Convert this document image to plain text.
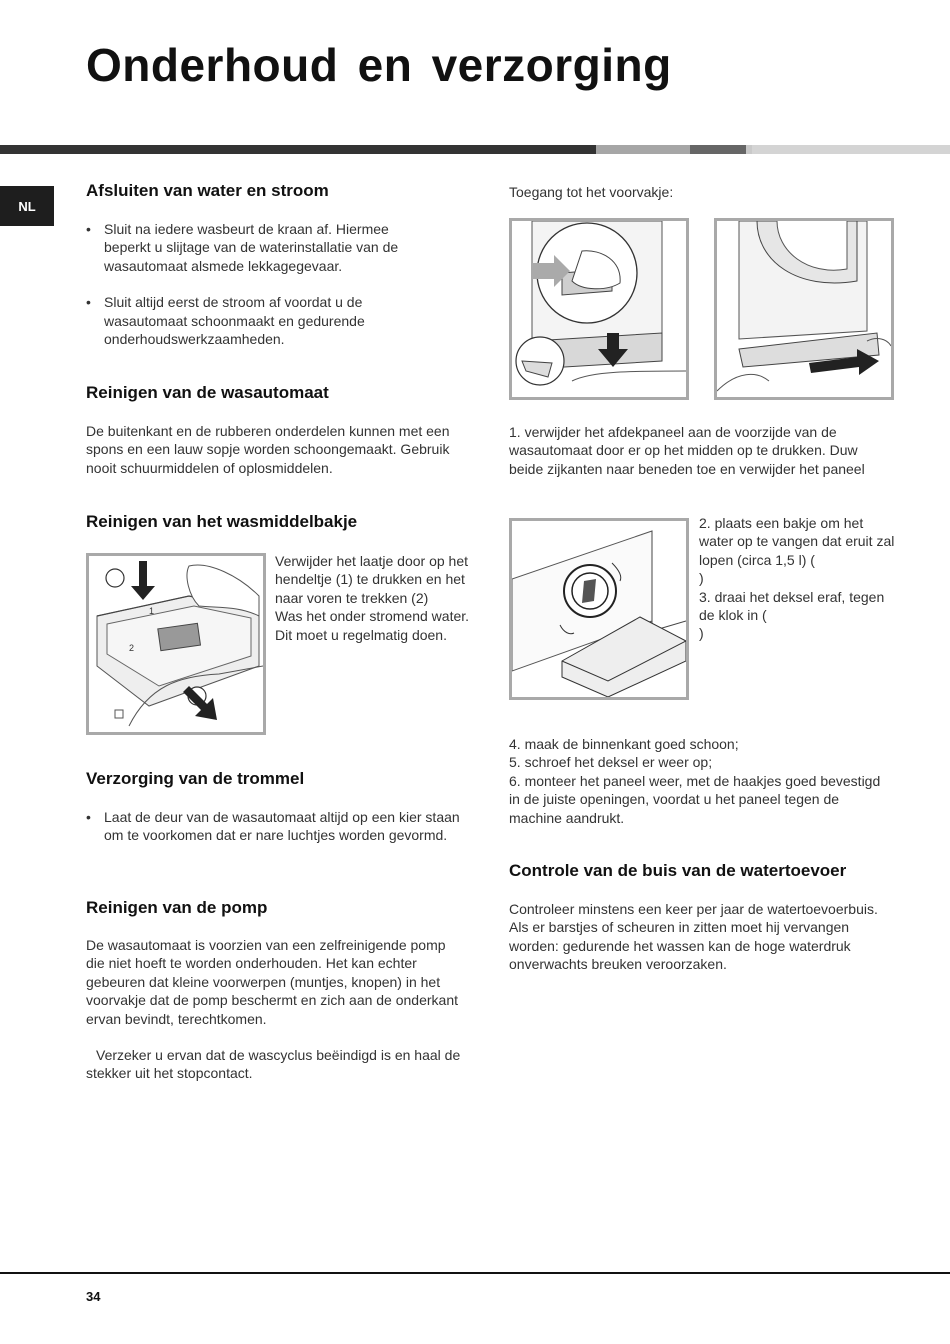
Onderhoud en verzorging
NL
Afsluiten van water en stroom
• Sluit na iedere wasbeurt de kraan af. Hiermee beperkt u slijtage van de waterinstallatie van de wasautomaat alsmede lekkagegevaar.
• Sluit altijd eerst de stroom af voordat u de wasautomaat schoonmaakt en gedurende onderhoudswerkzaamheden.
Reinigen van de wasautomaat

De buitenkant en de rubberen onderdelen kunnen met een spons en een lauw sopje worden schoongemaakt. Gebruik nooit schuurmiddelen of oplosmiddelen.

Reinigen van het wasmiddelbakje
1
2

Verwijder het laatje door op het hendeltje (1) te drukken en het naar voren te trekken (2)
Was het onder stromend water. Dit moet u regelmatig doen.

Verzorging van de trommel
• Laat de deur van de wasautomaat altijd op een kier staan om te voorkomen dat er nare luchtjes worden gevormd.
Reinigen van de pomp

De wasautomaat is voorzien van een zelfreinigende pomp die niet hoeft te worden onderhouden. Het kan echter gebeuren dat kleine voorwerpen (muntjes, knopen) in het voorvakje dat de pomp beschermt en zich aan de onderkant ervan bevindt, terechtkomen.

Verzeker u ervan dat de wascyclus beëindigd is en haal de stekker uit het stopcontact.

Toegang tot het voorvakje:

1. verwijder het afdekpaneel aan de voorzijde van de wasautomaat door er op het midden op te drukken. Duw beide zijkanten naar beneden toe en verwijder het paneel

2. plaats een bakje om het water op te vangen dat eruit zal lopen (circa 1,5 l) (
)
3. draai het deksel eraf, tegen de klok in (
)

4. maak de binnenkant goed schoon;
5. schroef het deksel er weer op;
6. monteer het paneel weer, met de haakjes goed bevestigd in de juiste openingen, voordat u het paneel tegen de machine aandrukt.

Controle van de buis van de watertoevoer

Controleer minstens een keer per jaar de watertoevoerbuis. Als er barstjes of scheuren in zitten moet hij vervangen worden: gedurende het wassen kan de hoge waterdruk onverwachts breuken veroorzaken.

34
